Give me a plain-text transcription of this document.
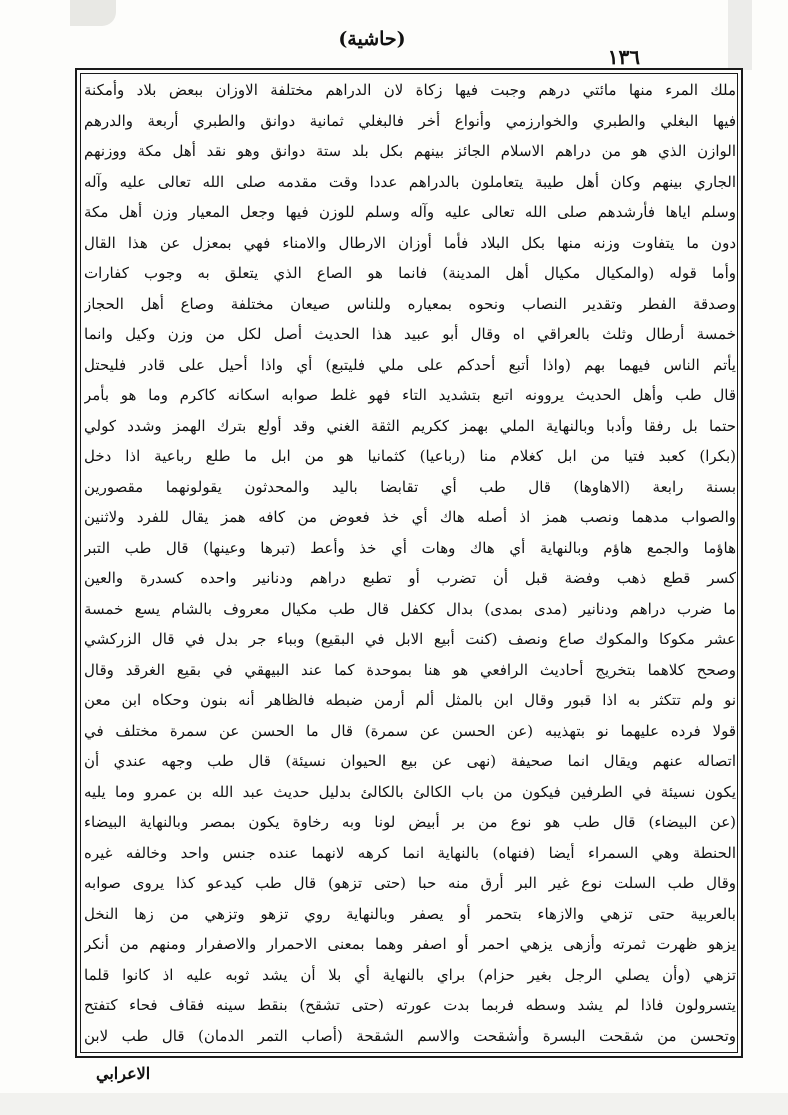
(حاشية)
١٣٦
ملك المرء منها مائتي درهم وجبت فيها زكاة لان الدراهم مختلفة الاوزان ببعض بلاد وأمكنة
فيها البغلي والطبري والخوارزمي وأنواع أخر فالبغلي ثمانية دوانق والطبري أربعة والدرهم
الوازن الذي هو من دراهم الاسلام الجائز بينهم بكل بلد ستة دوانق وهو نقد أهل مكة ووزنهم
الجاري بينهم وكان أهل طيبة يتعاملون بالدراهم عددا وقت مقدمه صلى الله تعالى عليه وآله
وسلم اياها فأرشدهم صلى الله تعالى عليه وآله وسلم للوزن فيها وجعل المعيار وزن أهل مكة
دون ما يتفاوت وزنه منها بكل البلاد فأما أوزان الارطال والامناء فهي بمعزل عن هذا القال
وأما قوله (والمكيال مكيال أهل المدينة) فانما هو الصاع الذي يتعلق به وجوب كفارات
وصدقة الفطر وتقدير النصاب ونحوه بمعياره وللناس صيعان مختلفة وصاع أهل الحجاز
خمسة أرطال وثلث بالعراقي اه وقال أبو عبيد هذا الحديث أصل لكل من وزن وكيل وانما
يأتم الناس فيهما بهم (واذا أتبع أحدكم على ملي فليتبع) أي واذا أحيل على قادر فليحتل
قال طب وأهل الحديث يروونه اتبع بتشديد التاء فهو غلط صوابه اسكانه كاكرم وما هو بأمر
حتما بل رفقا وأدبا وبالنهاية الملي بهمز ككريم الثقة الغني وقد أولع بترك الهمز وشدد كولي
(بكرا) كعبد فتيا من ابل كغلام منا (رباعيا) كثمانيا هو من ابل ما طلع رباعية اذا دخل
بسنة رابعة (الاهاوها) قال طب أي تقابضا باليد والمحدثون يقولونهما مقصورين
والصواب مدهما ونصب همز اذ أصله هاك أي خذ فعوض من كافه همز يقال للفرد ولاثنين
هاؤما والجمع هاؤم وبالنهاية أي هاك وهات أي خذ وأعط (تبرها وعينها) قال طب التبر
كسر قطع ذهب وفضة قبل أن تضرب أو تطبع دراهم ودنانير واحده كسدرة والعين
ما ضرب دراهم ودنانير (مدى بمدى) بدال ككفل قال طب مكيال معروف بالشام يسع خمسة
عشر مكوكا والمكوك صاع ونصف (كنت أبيع الابل في البقيع) وبباء جر بدل في قال الزركشي
وصحح كلاهما بتخريج أحاديث الرافعي هو هنا بموحدة كما عند البيهقي في بقيع الغرقد وقال
نو ولم تتكثر به اذا قبور وقال ابن بالمثل ألم أرمن ضبطه فالظاهر أنه بنون وحكاه ابن معن
قولا فرده عليهما نو بتهذيبه (عن الحسن عن سمرة) قال ما الحسن عن سمرة مختلف في
اتصاله عنهم ويقال انما صحيفة (نهى عن بيع الحيوان نسيئة) قال طب وجهه عندي أن
يكون نسيئة في الطرفين فيكون من باب الكالئ بالكالئ بدليل حديث عبد الله بن عمرو وما يليه
(عن البيضاء) قال طب هو نوع من بر أبيض لونا وبه رخاوة يكون بمصر وبالنهاية البيضاء
الحنطة وهي السمراء أيضا (فنهاه) بالنهاية انما كرهه لانهما عنده جنس واحد وخالفه غيره
وقال طب السلت نوع غير البر أرق منه حبا (حتى تزهو) قال طب كيدعو كذا يروى صوابه
بالعربية حتى تزهي والازهاء بتحمر أو يصفر وبالنهاية روي تزهو وتزهي من زها النخل
يزهو ظهرت ثمرته وأزهى يزهي احمر أو اصفر وهما بمعنى الاحمرار والاصفرار ومنهم من أنكر
تزهي (وأن يصلي الرجل بغير حزام) براي بالنهاية أي بلا أن يشد ثوبه عليه اذ كانوا قلما
يتسرولون فاذا لم يشد وسطه فربما بدت عورته (حتى تشقح) بنقط سينه فقاف فحاء كتفتح
وتحسن من شقحت البسرة وأشقحت والاسم الشقحة (أصاب التمر الدمان) قال طب لابن
الاعرابي
